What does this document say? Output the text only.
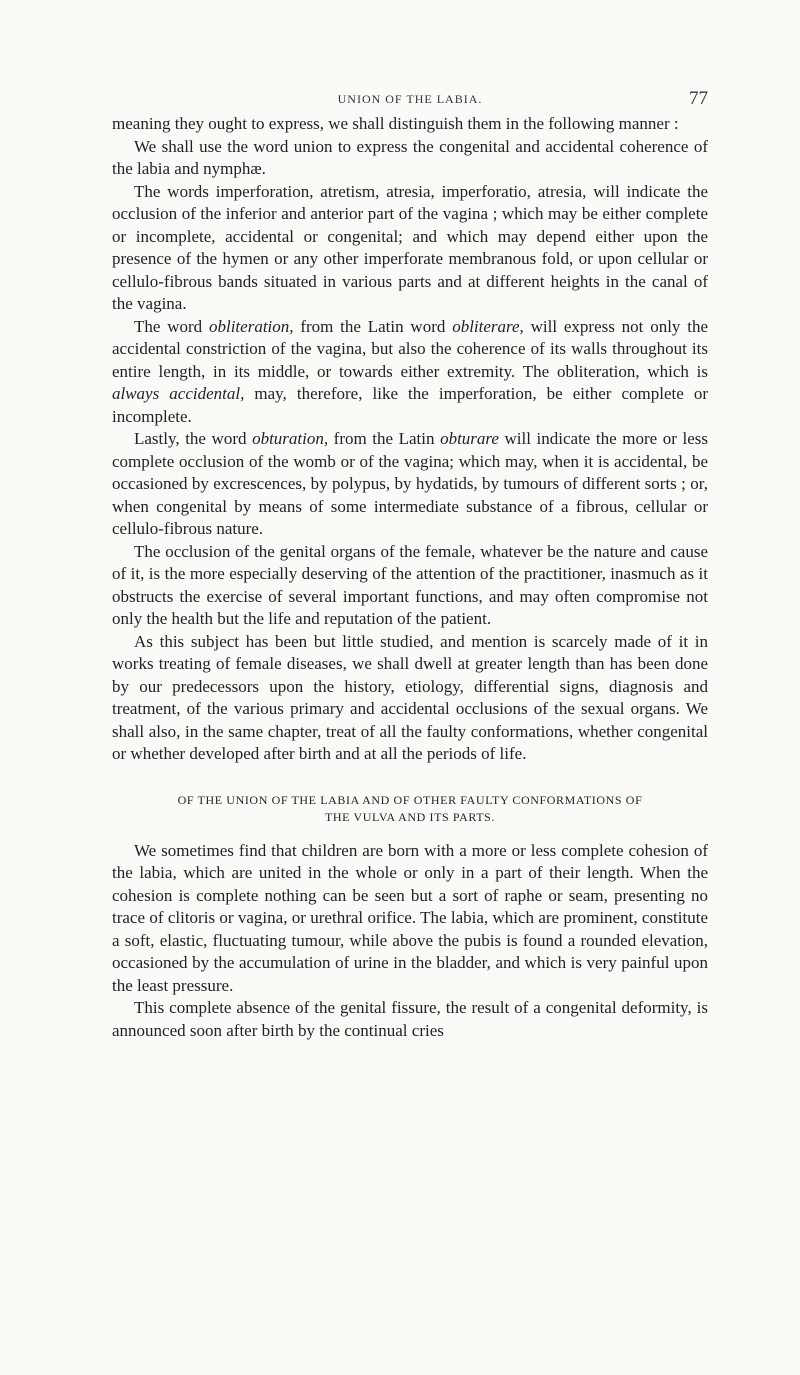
UNION OF THE LABIA.	77

meaning they ought to express, we shall distinguish them in the following manner :

We shall use the word union to express the congenital and accidental coherence of the labia and nymphæ.

The words imperforation, atretism, atresia, imperforatio, atresia, will indicate the occlusion of the inferior and anterior part of the vagina ; which may be either complete or incomplete, accidental or congenital; and which may depend either upon the presence of the hymen or any other imperforate membranous fold, or upon cellular or cellulo-fibrous bands situated in various parts and at different heights in the canal of the vagina.

The word obliteration, from the Latin word obliterare, will express not only the accidental constriction of the vagina, but also the coherence of its walls throughout its entire length, in its middle, or towards either extremity. The obliteration, which is always accidental, may, therefore, like the imperforation, be either complete or incomplete.

Lastly, the word obturation, from the Latin obturare will indicate the more or less complete occlusion of the womb or of the vagina; which may, when it is accidental, be occasioned by excrescences, by polypus, by hydatids, by tumours of different sorts ; or, when congenital by means of some intermediate substance of a fibrous, cellular or cellulo-fibrous nature.

The occlusion of the genital organs of the female, whatever be the nature and cause of it, is the more especially deserving of the attention of the practitioner, inasmuch as it obstructs the exercise of several important functions, and may often compromise not only the health but the life and reputation of the patient.

As this subject has been but little studied, and mention is scarcely made of it in works treating of female diseases, we shall dwell at greater length than has been done by our predecessors upon the history, etiology, differential signs, diagnosis and treatment, of the various primary and accidental occlusions of the sexual organs. We shall also, in the same chapter, treat of all the faulty conformations, whether congenital or whether developed after birth and at all the periods of life.

OF THE UNION OF THE LABIA AND OF OTHER FAULTY CONFORMATIONS OF
THE VULVA AND ITS PARTS.

We sometimes find that children are born with a more or less complete cohesion of the labia, which are united in the whole or only in a part of their length. When the cohesion is complete nothing can be seen but a sort of raphe or seam, presenting no trace of clitoris or vagina, or urethral orifice. The labia, which are prominent, constitute a soft, elastic, fluctuating tumour, while above the pubis is found a rounded elevation, occasioned by the accumulation of urine in the bladder, and which is very painful upon the least pressure.

This complete absence of the genital fissure, the result of a congenital deformity, is announced soon after birth by the continual cries
